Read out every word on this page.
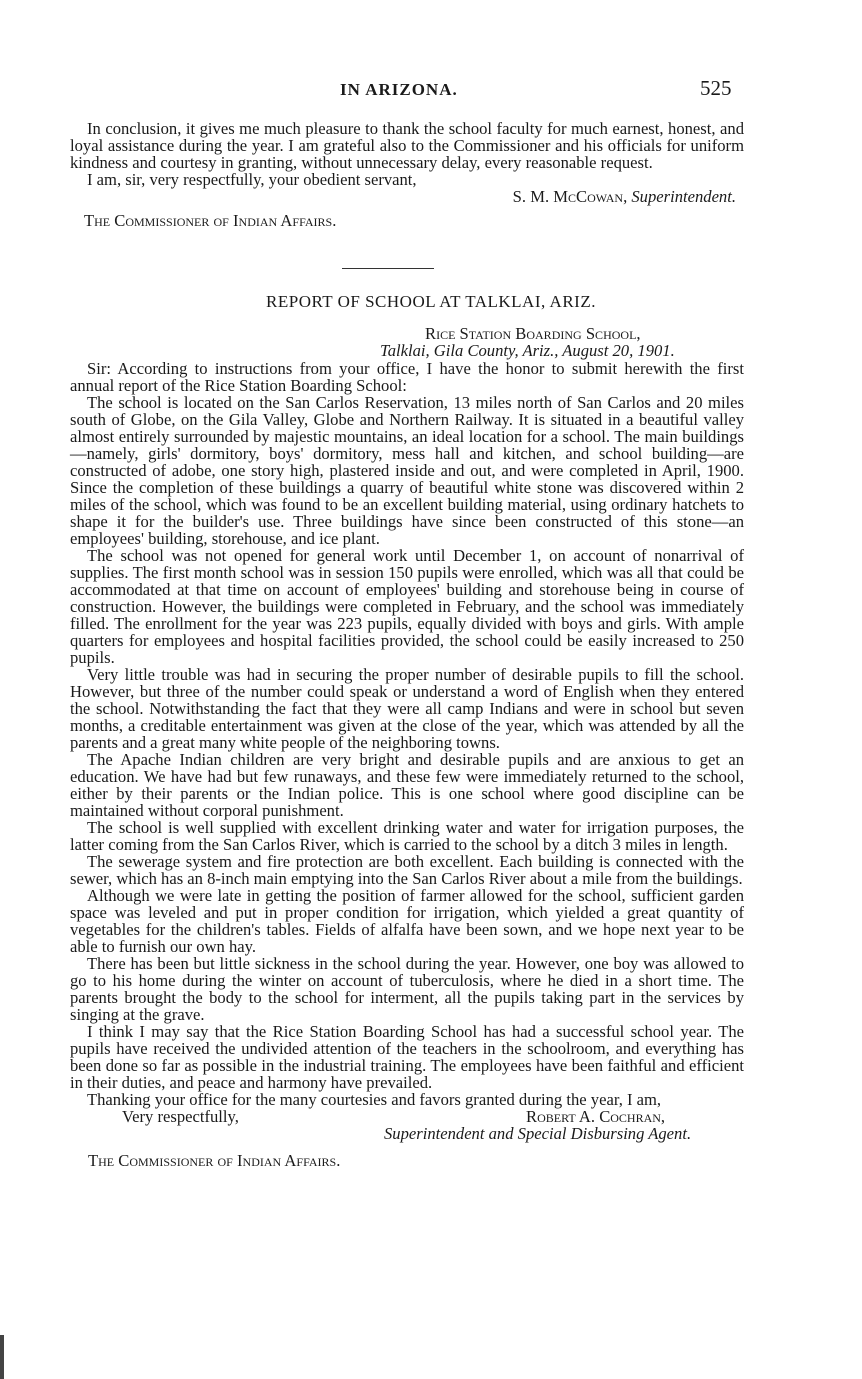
IN ARIZONA.	525

In conclusion, it gives me much pleasure to thank the school faculty for much earnest, honest, and loyal assistance during the year. I am grateful also to the Commissioner and his officials for uniform kindness and courtesy in granting, without unnecessary delay, every reasonable request.

I am, sir, very respectfully, your obedient servant,

S. M. McCowan, Superintendent.

The Commissioner of Indian Affairs.

REPORT OF SCHOOL AT TALKLAI, ARIZ.

Rice Station Boarding School,

Talklai, Gila County, Ariz., August 20, 1901.

Sir: According to instructions from your office, I have the honor to submit herewith the first annual report of the Rice Station Boarding School:

The school is located on the San Carlos Reservation, 13 miles north of San Carlos and 20 miles south of Globe, on the Gila Valley, Globe and Northern Railway. It is situated in a beautiful valley almost entirely surrounded by majestic mountains, an ideal location for a school. The main buildings—namely, girls' dormitory, boys' dormitory, mess hall and kitchen, and school building—are constructed of adobe, one story high, plastered inside and out, and were completed in April, 1900. Since the completion of these buildings a quarry of beautiful white stone was discovered within 2 miles of the school, which was found to be an excellent building material, using ordinary hatchets to shape it for the builder's use. Three buildings have since been constructed of this stone—an employees' building, storehouse, and ice plant.

The school was not opened for general work until December 1, on account of nonarrival of supplies. The first month school was in session 150 pupils were enrolled, which was all that could be accommodated at that time on account of employees' building and storehouse being in course of construction. However, the buildings were completed in February, and the school was immediately filled. The enrollment for the year was 223 pupils, equally divided with boys and girls. With ample quarters for employees and hospital facilities provided, the school could be easily increased to 250 pupils.

Very little trouble was had in securing the proper number of desirable pupils to fill the school. However, but three of the number could speak or understand a word of English when they entered the school. Notwithstanding the fact that they were all camp Indians and were in school but seven months, a creditable entertainment was given at the close of the year, which was attended by all the parents and a great many white people of the neighboring towns.

The Apache Indian children are very bright and desirable pupils and are anxious to get an education. We have had but few runaways, and these few were immediately returned to the school, either by their parents or the Indian police. This is one school where good discipline can be maintained without corporal punishment.

The school is well supplied with excellent drinking water and water for irrigation purposes, the latter coming from the San Carlos River, which is carried to the school by a ditch 3 miles in length.

The sewerage system and fire protection are both excellent. Each building is connected with the sewer, which has an 8-inch main emptying into the San Carlos River about a mile from the buildings.

Although we were late in getting the position of farmer allowed for the school, sufficient garden space was leveled and put in proper condition for irrigation, which yielded a great quantity of vegetables for the children's tables. Fields of alfalfa have been sown, and we hope next year to be able to furnish our own hay.

There has been but little sickness in the school during the year. However, one boy was allowed to go to his home during the winter on account of tuberculosis, where he died in a short time. The parents brought the body to the school for interment, all the pupils taking part in the services by singing at the grave.

I think I may say that the Rice Station Boarding School has had a successful school year. The pupils have received the undivided attention of the teachers in the schoolroom, and everything has been done so far as possible in the industrial training. The employees have been faithful and efficient in their duties, and peace and harmony have prevailed.

Thanking your office for the many courtesies and favors granted during the year, I am,

Very respectfully,	Robert A. Cochran,

Superintendent and Special Disbursing Agent.

The Commissioner of Indian Affairs.
